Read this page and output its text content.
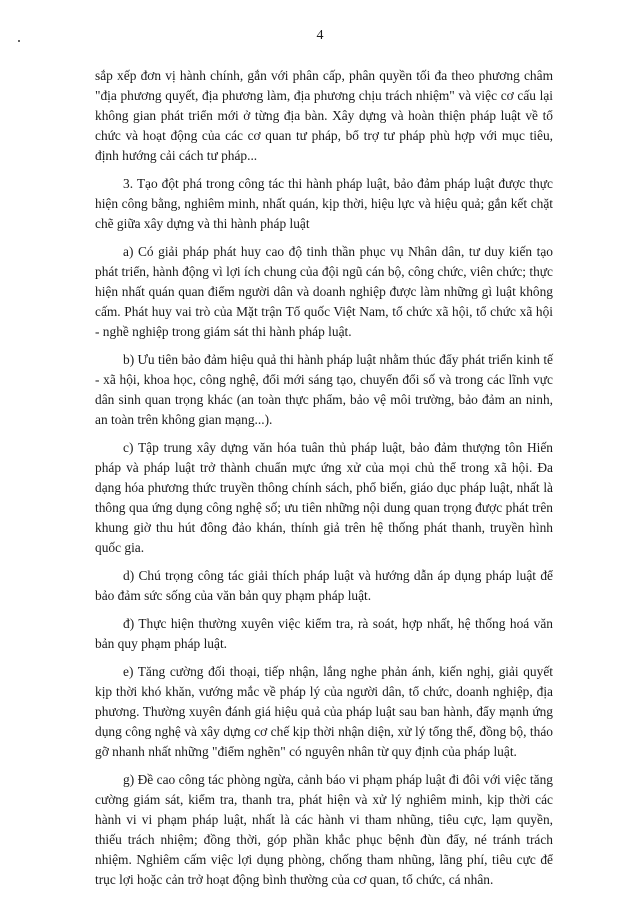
4

sắp xếp đơn vị hành chính, gắn với phân cấp, phân quyền tối đa theo phương châm "địa phương quyết, địa phương làm, địa phương chịu trách nhiệm" và việc cơ cấu lại không gian phát triển mới ở từng địa bàn. Xây dựng và hoàn thiện pháp luật về tổ chức và hoạt động của các cơ quan tư pháp, bổ trợ tư pháp phù hợp với mục tiêu, định hướng cải cách tư pháp...

3. Tạo đột phá trong công tác thi hành pháp luật, bảo đảm pháp luật được thực hiện công bằng, nghiêm minh, nhất quán, kịp thời, hiệu lực và hiệu quả; gắn kết chặt chẽ giữa xây dựng và thi hành pháp luật

a) Có giải pháp phát huy cao độ tinh thần phục vụ Nhân dân, tư duy kiến tạo phát triển, hành động vì lợi ích chung của đội ngũ cán bộ, công chức, viên chức; thực hiện nhất quán quan điểm người dân và doanh nghiệp được làm những gì luật không cấm. Phát huy vai trò của Mặt trận Tổ quốc Việt Nam, tổ chức xã hội, tổ chức xã hội - nghề nghiệp trong giám sát thi hành pháp luật.

b) Ưu tiên bảo đảm hiệu quả thi hành pháp luật nhằm thúc đẩy phát triển kinh tế - xã hội, khoa học, công nghệ, đổi mới sáng tạo, chuyển đổi số và trong các lĩnh vực dân sinh quan trọng khác (an toàn thực phẩm, bảo vệ môi trường, bảo đảm an ninh, an toàn trên không gian mạng...).

c) Tập trung xây dựng văn hóa tuân thủ pháp luật, bảo đảm thượng tôn Hiến pháp và pháp luật trở thành chuẩn mực ứng xử của mọi chủ thể trong xã hội. Đa dạng hóa phương thức truyền thông chính sách, phổ biến, giáo dục pháp luật, nhất là thông qua ứng dụng công nghệ số; ưu tiên những nội dung quan trọng được phát trên khung giờ thu hút đông đảo khán, thính giả trên hệ thống phát thanh, truyền hình quốc gia.

d) Chú trọng công tác giải thích pháp luật và hướng dẫn áp dụng pháp luật để bảo đảm sức sống của văn bản quy phạm pháp luật.

đ) Thực hiện thường xuyên việc kiểm tra, rà soát, hợp nhất, hệ thống hoá văn bản quy phạm pháp luật.

e) Tăng cường đối thoại, tiếp nhận, lắng nghe phản ánh, kiến nghị, giải quyết kịp thời khó khăn, vướng mắc về pháp lý của người dân, tổ chức, doanh nghiệp, địa phương. Thường xuyên đánh giá hiệu quả của pháp luật sau ban hành, đẩy mạnh ứng dụng công nghệ và xây dựng cơ chế kịp thời nhận diện, xử lý tổng thể, đồng bộ, tháo gỡ nhanh nhất những "điểm nghẽn" có nguyên nhân từ quy định của pháp luật.

g) Đề cao công tác phòng ngừa, cảnh báo vi phạm pháp luật đi đôi với việc tăng cường giám sát, kiểm tra, thanh tra, phát hiện và xử lý nghiêm minh, kịp thời các hành vi vi phạm pháp luật, nhất là các hành vi tham nhũng, tiêu cực, lạm quyền, thiếu trách nhiệm; đồng thời, góp phần khắc phục bệnh đùn đẩy, né tránh trách nhiệm. Nghiêm cấm việc lợi dụng phòng, chống tham nhũng, lãng phí, tiêu cực để trục lợi hoặc cản trở hoạt động bình thường của cơ quan, tổ chức, cá nhân.
